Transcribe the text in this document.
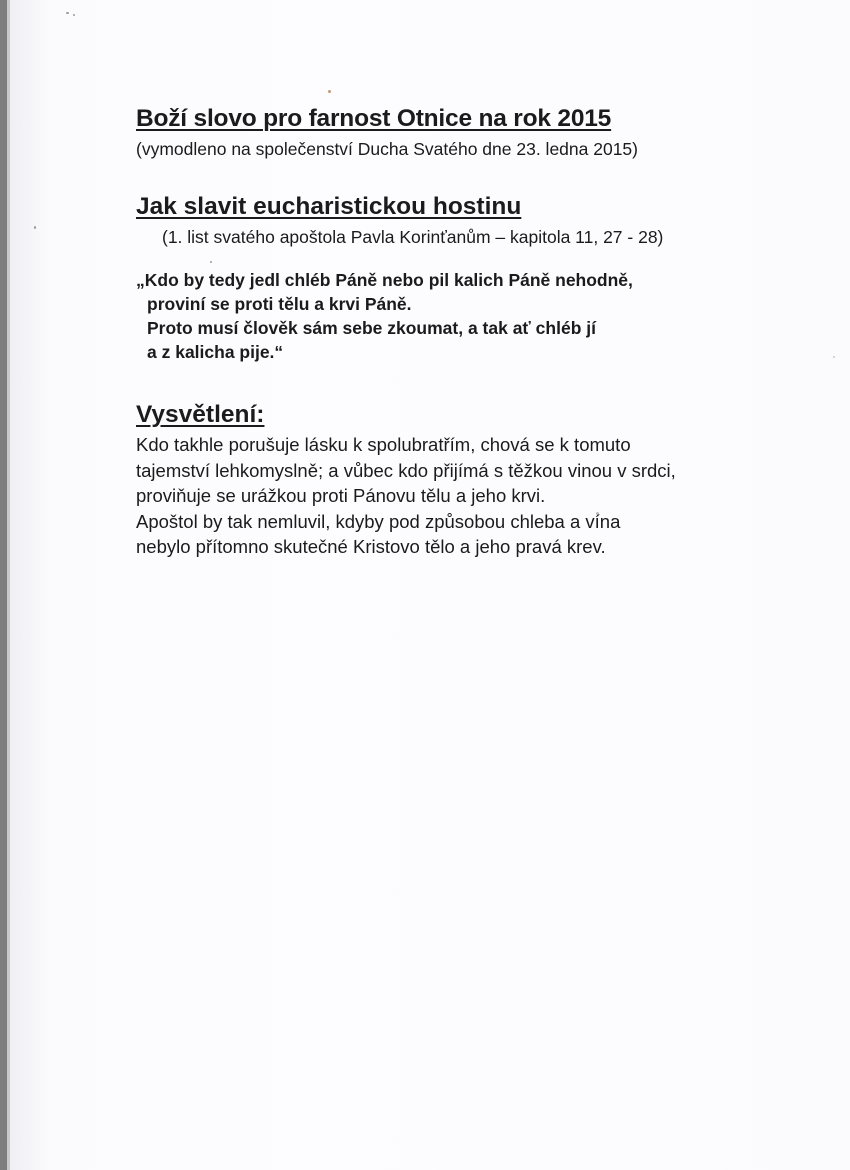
Boží slovo pro farnost Otnice na rok 2015
(vymodleno na společenství Ducha Svatého dne 23. ledna 2015)
Jak slavit eucharistickou hostinu
(1. list svatého apoštola Pavla Korinťanům – kapitola 11, 27 - 28)
„Kdo by tedy jedl chléb Páně nebo pil kalich Páně nehodně,
proviní se proti tělu a krvi Páně.
Proto musí člověk sám sebe zkoumat, a tak ať chléb jí
a z kalicha pije.“
Vysvětlení:
Kdo takhle porušuje lásku k spolubratřím, chová se k tomuto
tajemství lehkomyslně; a vůbec kdo přijímá s těžkou vinou v srdci,
proviňuje se urážkou proti Pánovu tělu a jeho krvi.
Apoštol by tak nemluvil, kdyby pod způsobou chleba a vína
nebylo přítomno skutečné Kristovo tělo a jeho pravá krev.
